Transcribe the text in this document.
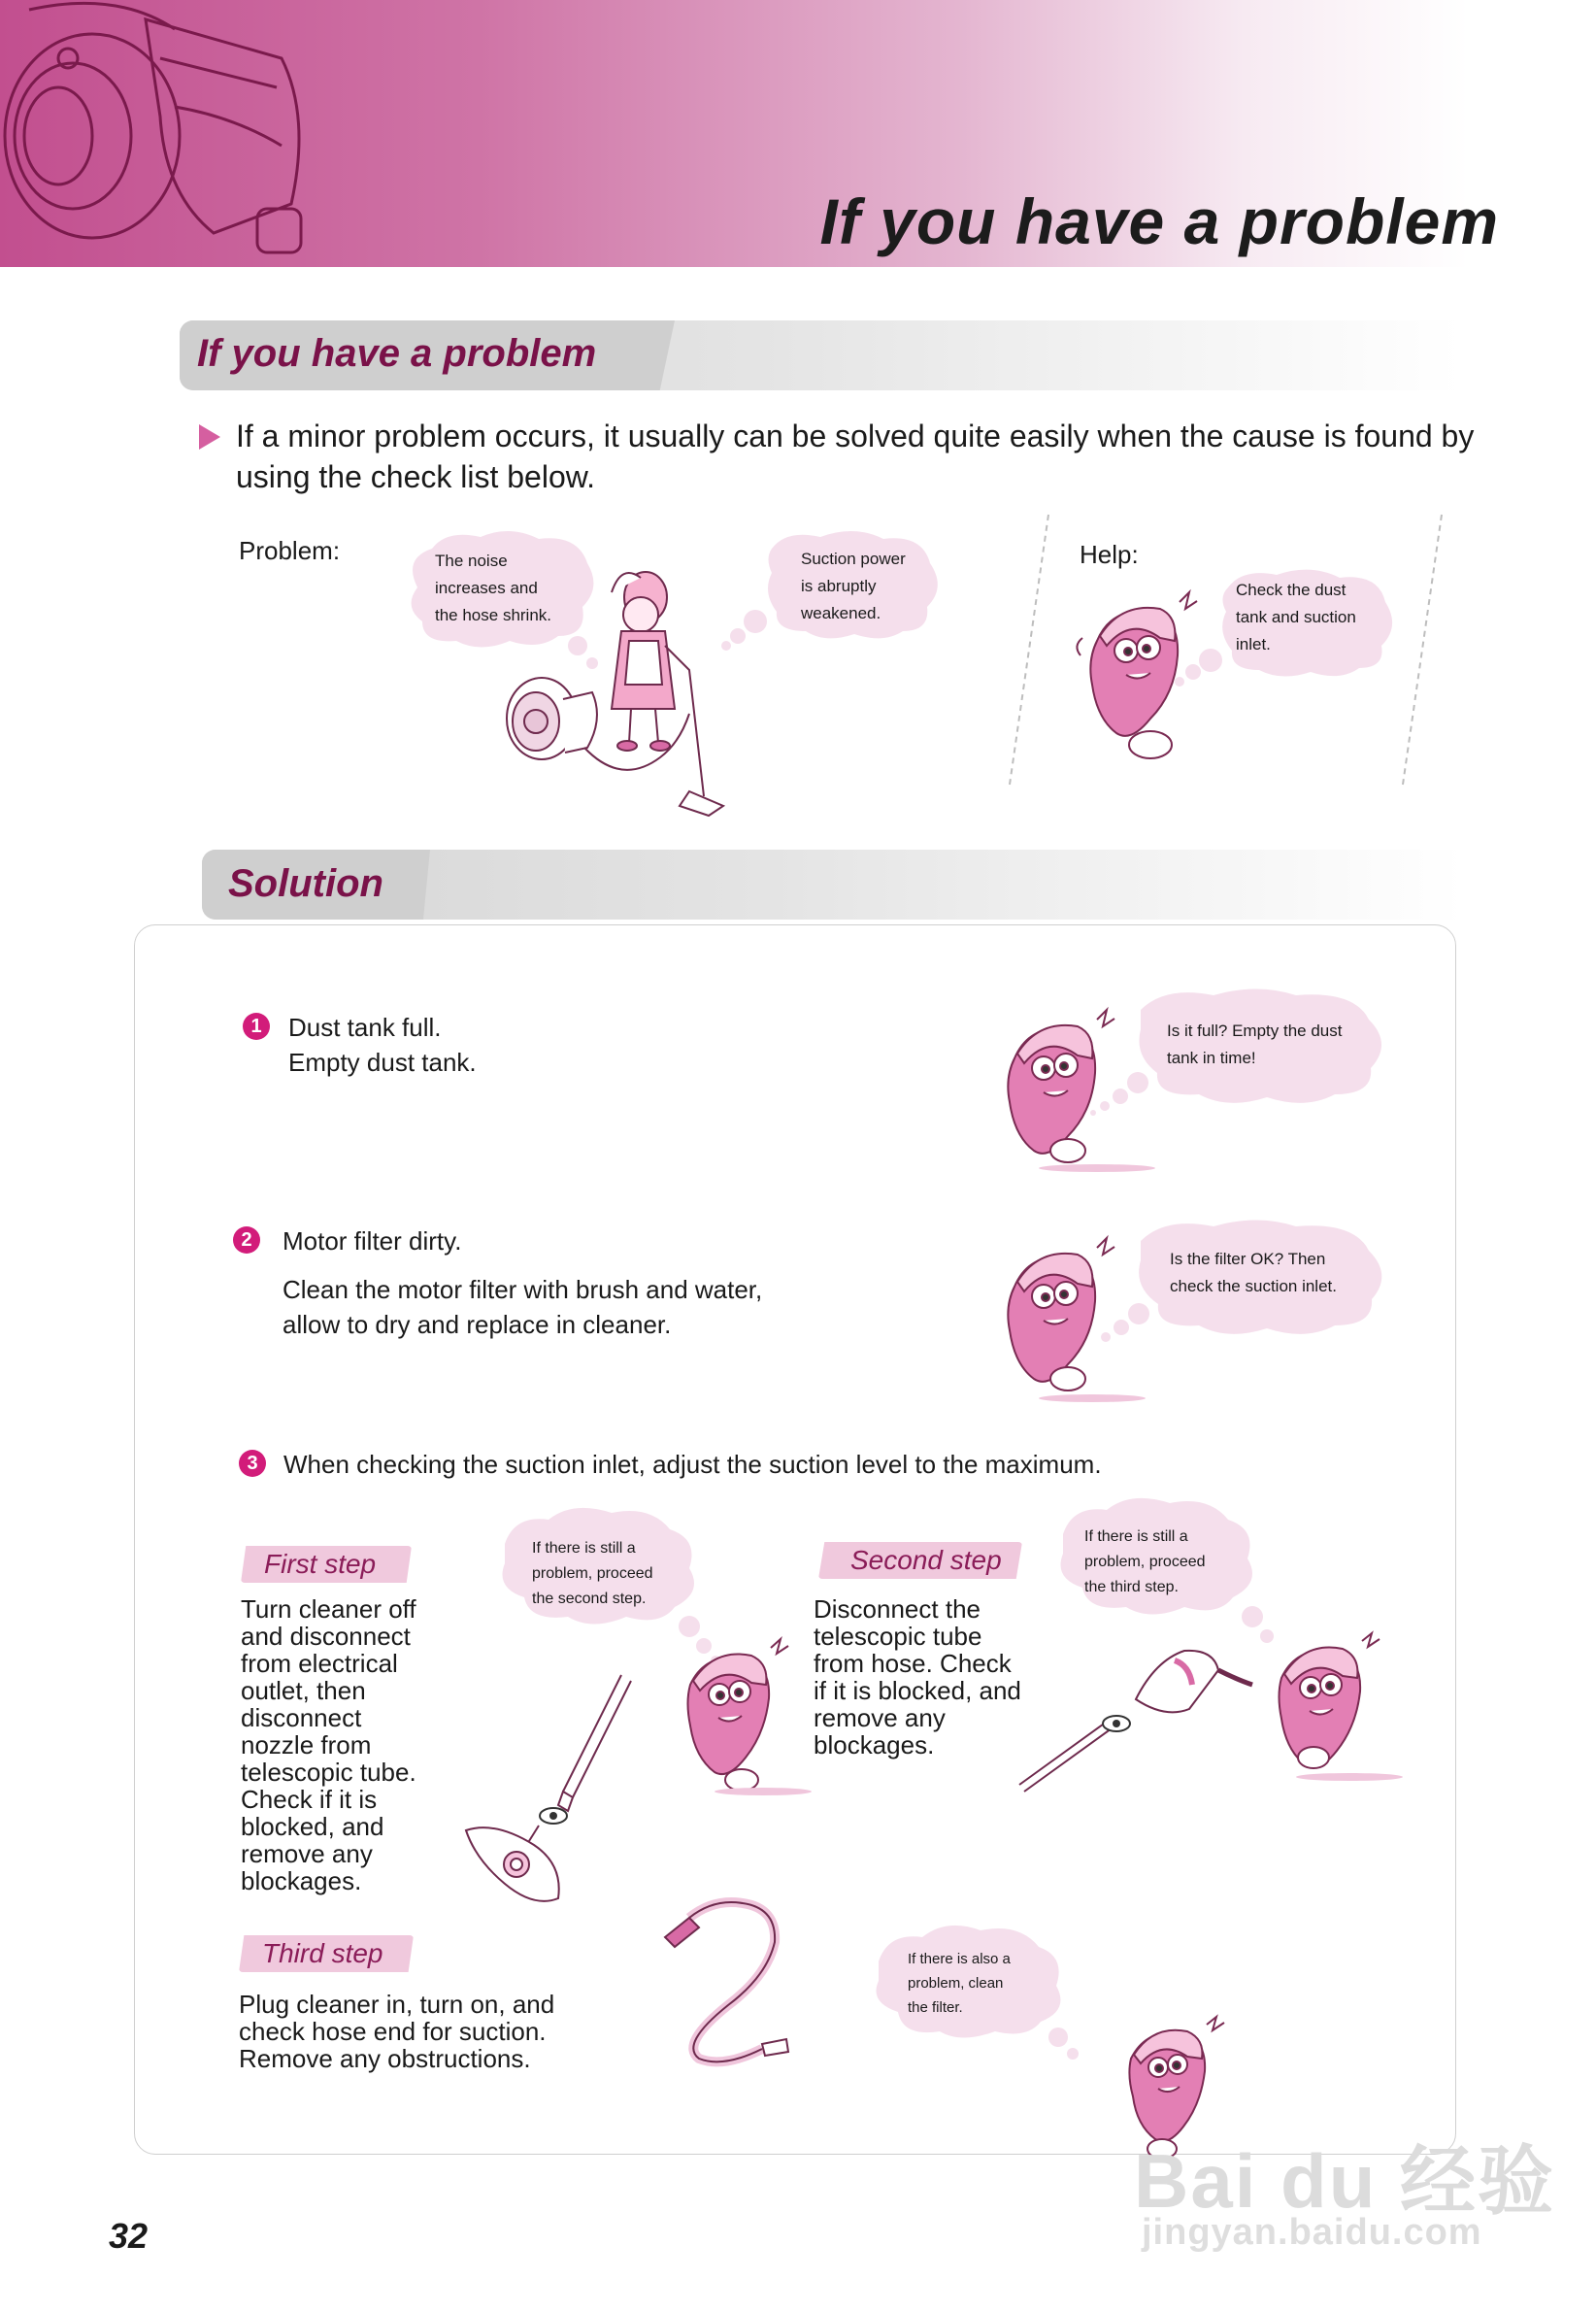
If you have a problem
If you have a problem
If a minor problem occurs, it usually can be solved quite easily when the cause is found by using the check list below.
Problem:	The noise
increases and
the hose shrink.
Suction power
is abruptly
weakened.
Help:
Check the dust
tank and suction
inlet.
Solution
1	Dust tank full.
Empty dust tank.
Is it full? Empty the dust
tank in time!
2	Motor filter dirty.
Clean the motor filter with brush and water,
allow to dry and replace in cleaner.
Is the filter OK? Then
check the suction inlet.
3	When checking the suction inlet, adjust the suction level to the maximum.
First step
Turn cleaner off
and disconnect
from electrical
outlet, then
disconnect
nozzle from
telescopic tube.
Check if it is
blocked, and
remove any
blockages.
If there is still a
problem, proceed
the second step.
Second step
Disconnect the
telescopic tube
from hose. Check
if it is blocked, and
remove any
blockages.
If there is still a
problem, proceed
the third step.
Third step
Plug cleaner in, turn on, and
check hose end for suction.
Remove any obstructions.
If there is also a
problem, clean
the filter.
32
Bai du 经验
jingyan.baidu.com
